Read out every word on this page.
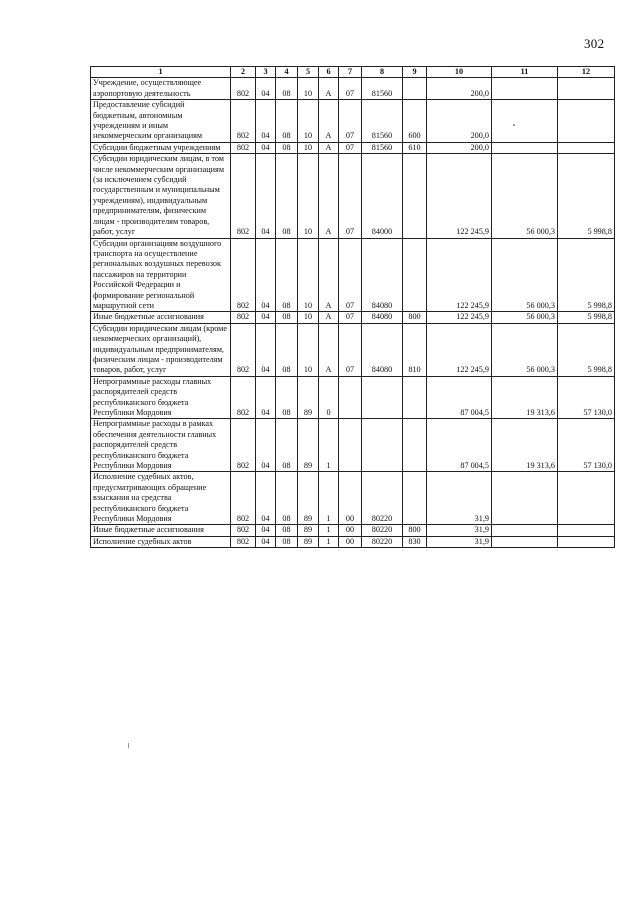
302
1	2	3	4	5	6	7	8	9	10	11	12

Учреждение, осуществляющее аэропортовую деятельность	802	04	08	10	А	07	81560		200,0		

Предоставление субсидий бюджетным, автономным учреждениям и иным некоммерческим организациям	802	04	08	10	А	07	81560	600	200,0		

Субсидии бюджетным учреждениям	802	04	08	10	А	07	81560	610	200,0		

Субсидии юридическим лицам, в том числе некоммерческим организациям (за исключением субсидий государственным и муниципальным учреждениям), индивидуальным предпринимателям, физическим лицам - производителям товаров, работ, услуг	802	04	08	10	А	07	84000		122 245,9	56 000,3	5 998,8

Субсидии организациям воздушного транспорта на осуществление региональных воздушных перевозок пассажиров на территории Российской Федерации и формирование региональной маршрутной сети	802	04	08	10	А	07	84080		122 245,9	56 000,3	5 998,8

Иные бюджетные ассигнования	802	04	08	10	А	07	84080	800	122 245,9	56 000,3	5 998,8

Субсидии юридическим лицам (кроме некоммерческих организаций), индивидуальным предпринимателям, физическим лицам - производителям товаров, работ, услуг	802	04	08	10	А	07	84080	810	122 245,9	56 000,3	5 998,8

Непрограммные расходы главных распорядителей средств республиканского бюджета Республики Мордовия	802	04	08	89	0				87 004,5	19 313,6	57 130,0

Непрограммные расходы в рамках обеспечения деятельности главных распорядителей средств республиканского бюджета Республики Мордовия	802	04	08	89	1				87 004,5	19 313,6	57 130,0

Исполнение судебных актов, предусматривающих обращение взыскания на средства республиканского бюджета Республики Мордовия	802	04	08	89	1	00	80220		31,9		

Иные бюджетные ассигнования	802	04	08	89	1	00	80220	800	31,9		

Исполнение судебных актов	802	04	08	89	1	00	80220	830	31,9		
